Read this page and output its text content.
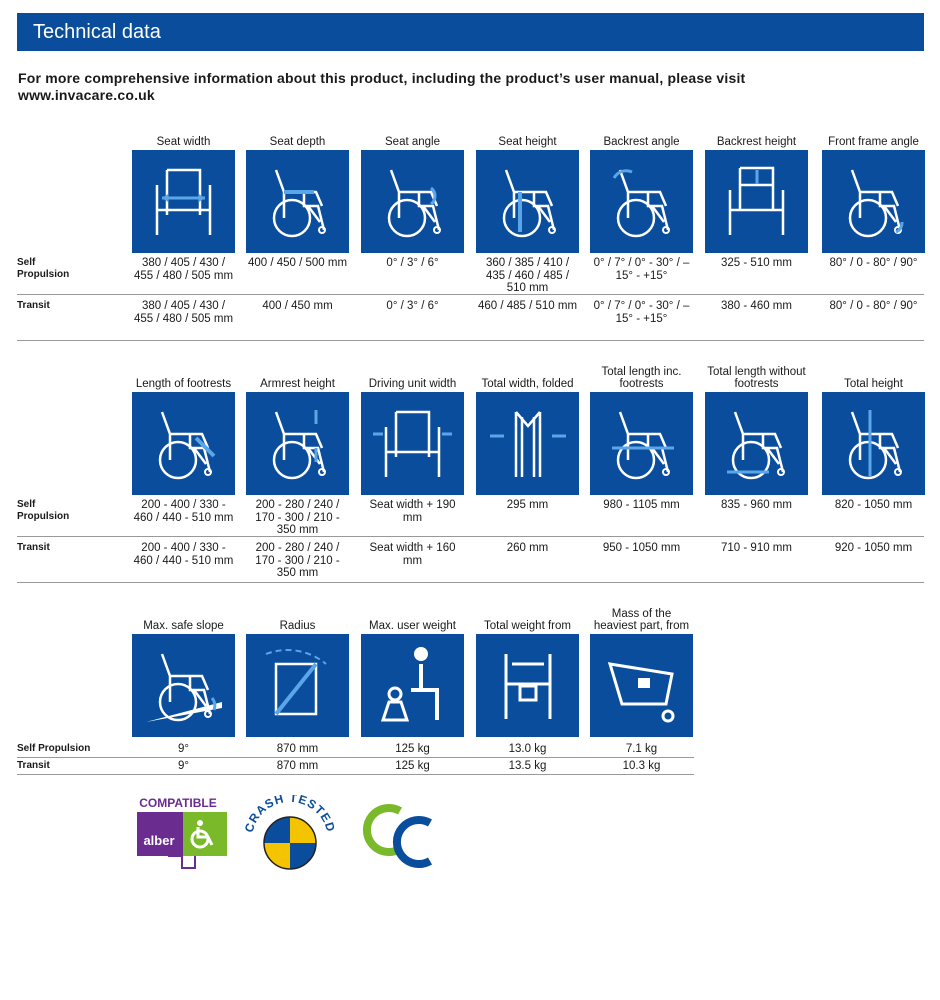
Technical data
For more comprehensive information about this product, including the product’s user manual, please visit
www.invacare.co.uk
Seat width
380 / 405 / 430 / 455 / 480 / 505 mm
380 / 405 / 430 / 455 / 480 / 505 mm
Seat depth
400 / 450 / 500 mm
400 / 450 mm
Seat angle
0° / 3° / 6°
0° / 3° / 6°
Seat height
360 / 385 / 410 / 435 / 460 / 485 / 510 mm
460 / 485 / 510 mm
Backrest angle
0° / 7° / 0° - 30° / – 15° - +15°
0° / 7° / 0° - 30° / – 15° - +15°
Backrest height
325 - 510 mm
380 - 460 mm
Front frame angle
80° / 0 - 80° / 90°
80° / 0 - 80° / 90°
Self
Propulsion
Transit
Length of footrests
200 - 400 / 330 - 460 / 440 - 510 mm
200 - 400 / 330 - 460 / 440 - 510 mm
Armrest height
200 - 280 / 240 / 170 - 300 / 210 - 350 mm
200 - 280 / 240 / 170 - 300 / 210 - 350 mm
Driving unit width
Seat width + 190 mm
Seat width + 160 mm
Total width, folded
295 mm
260 mm
Total length inc. footrests
980 - 1105 mm
950 - 1050 mm
Total length without footrests
835 - 960 mm
710 - 910 mm
Total height
820 - 1050 mm
920 - 1050 mm
Self
Propulsion
Transit
Max. safe slope
9°
9°
Radius
870 mm
870 mm
Max. user weight
125 kg
125 kg
Total weight from
13.0 kg
13.5 kg
Mass of the heaviest part, from
7.1 kg
10.3 kg
Self Propulsion
Transit
COMPATIBLE
alber
CRASH TESTED
